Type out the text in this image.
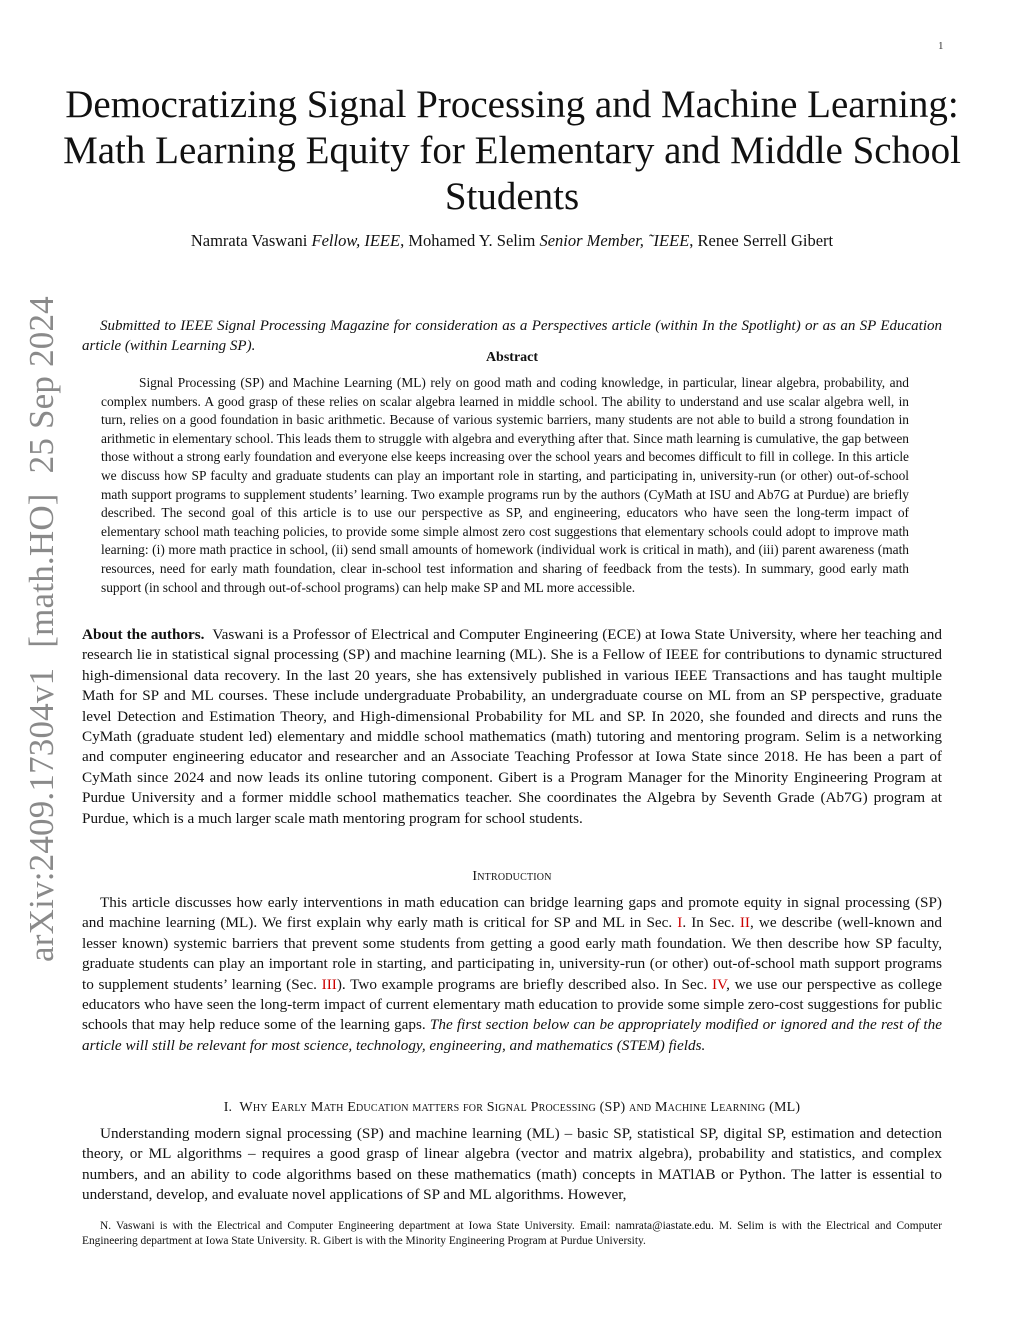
1
arXiv:2409.17304v1[math.HO]25 Sep 2024
Democratizing Signal Processing and Machine Learning: Math Learning Equity for Elementary and Middle School Students
Namrata Vaswani Fellow, IEEE, Mohamed Y. Selim Senior Member, ˜IEEE, Renee Serrell Gibert
Submitted to IEEE Signal Processing Magazine for consideration as a Perspectives article (within In the Spotlight) or as an SP Education article (within Learning SP).
Abstract
Signal Processing (SP) and Machine Learning (ML) rely on good math and coding knowledge, in particular, linear algebra, probability, and complex numbers. A good grasp of these relies on scalar algebra learned in middle school. The ability to understand and use scalar algebra well, in turn, relies on a good foundation in basic arithmetic. Because of various systemic barriers, many students are not able to build a strong foundation in arithmetic in elementary school. This leads them to struggle with algebra and everything after that. Since math learning is cumulative, the gap between those without a strong early foundation and everyone else keeps increasing over the school years and becomes difficult to fill in college. In this article we discuss how SP faculty and graduate students can play an important role in starting, and participating in, university-run (or other) out-of-school math support programs to supplement students’ learning. Two example programs run by the authors (CyMath at ISU and Ab7G at Purdue) are briefly described. The second goal of this article is to use our perspective as SP, and engineering, educators who have seen the long-term impact of elementary school math teaching policies, to provide some simple almost zero cost suggestions that elementary schools could adopt to improve math learning: (i) more math practice in school, (ii) send small amounts of homework (individual work is critical in math), and (iii) parent awareness (math resources, need for early math foundation, clear in-school test information and sharing of feedback from the tests). In summary, good early math support (in school and through out-of-school programs) can help make SP and ML more accessible.
About the authors. Vaswani is a Professor of Electrical and Computer Engineering (ECE) at Iowa State University, where her teaching and research lie in statistical signal processing (SP) and machine learning (ML). She is a Fellow of IEEE for contributions to dynamic structured high-dimensional data recovery. In the last 20 years, she has extensively published in various IEEE Transactions and has taught multiple Math for SP and ML courses. These include undergraduate Probability, an undergraduate course on ML from an SP perspective, graduate level Detection and Estimation Theory, and High-dimensional Probability for ML and SP. In 2020, she founded and directs and runs the CyMath (graduate student led) elementary and middle school mathematics (math) tutoring and mentoring program. Selim is a networking and computer engineering educator and researcher and an Associate Teaching Professor at Iowa State since 2018. He has been a part of CyMath since 2024 and now leads its online tutoring component. Gibert is a Program Manager for the Minority Engineering Program at Purdue University and a former middle school mathematics teacher. She coordinates the Algebra by Seventh Grade (Ab7G) program at Purdue, which is a much larger scale math mentoring program for school students.
Introduction
This article discusses how early interventions in math education can bridge learning gaps and promote equity in signal processing (SP) and machine learning (ML). We first explain why early math is critical for SP and ML in Sec. I. In Sec. II, we describe (well-known and lesser known) systemic barriers that prevent some students from getting a good early math foundation. We then describe how SP faculty, graduate students can play an important role in starting, and participating in, university-run (or other) out-of-school math support programs to supplement students’ learning (Sec. III). Two example programs are briefly described also. In Sec. IV, we use our perspective as college educators who have seen the long-term impact of current elementary math education to provide some simple zero-cost suggestions for public schools that may help reduce some of the learning gaps. The first section below can be appropriately modified or ignored and the rest of the article will still be relevant for most science, technology, engineering, and mathematics (STEM) fields.
I. Why Early Math Education matters for Signal Processing (SP) and Machine Learning (ML)
Understanding modern signal processing (SP) and machine learning (ML) – basic SP, statistical SP, digital SP, estimation and detection theory, or ML algorithms – requires a good grasp of linear algebra (vector and matrix algebra), probability and statistics, and complex numbers, and an ability to code algorithms based on these mathematics (math) concepts in MATlAB or Python. The latter is essential to understand, develop, and evaluate novel applications of SP and ML algorithms. However,
N. Vaswani is with the Electrical and Computer Engineering department at Iowa State University. Email: namrata@iastate.edu. M. Selim is with the Electrical and Computer Engineering department at Iowa State University. R. Gibert is with the Minority Engineering Program at Purdue University.
